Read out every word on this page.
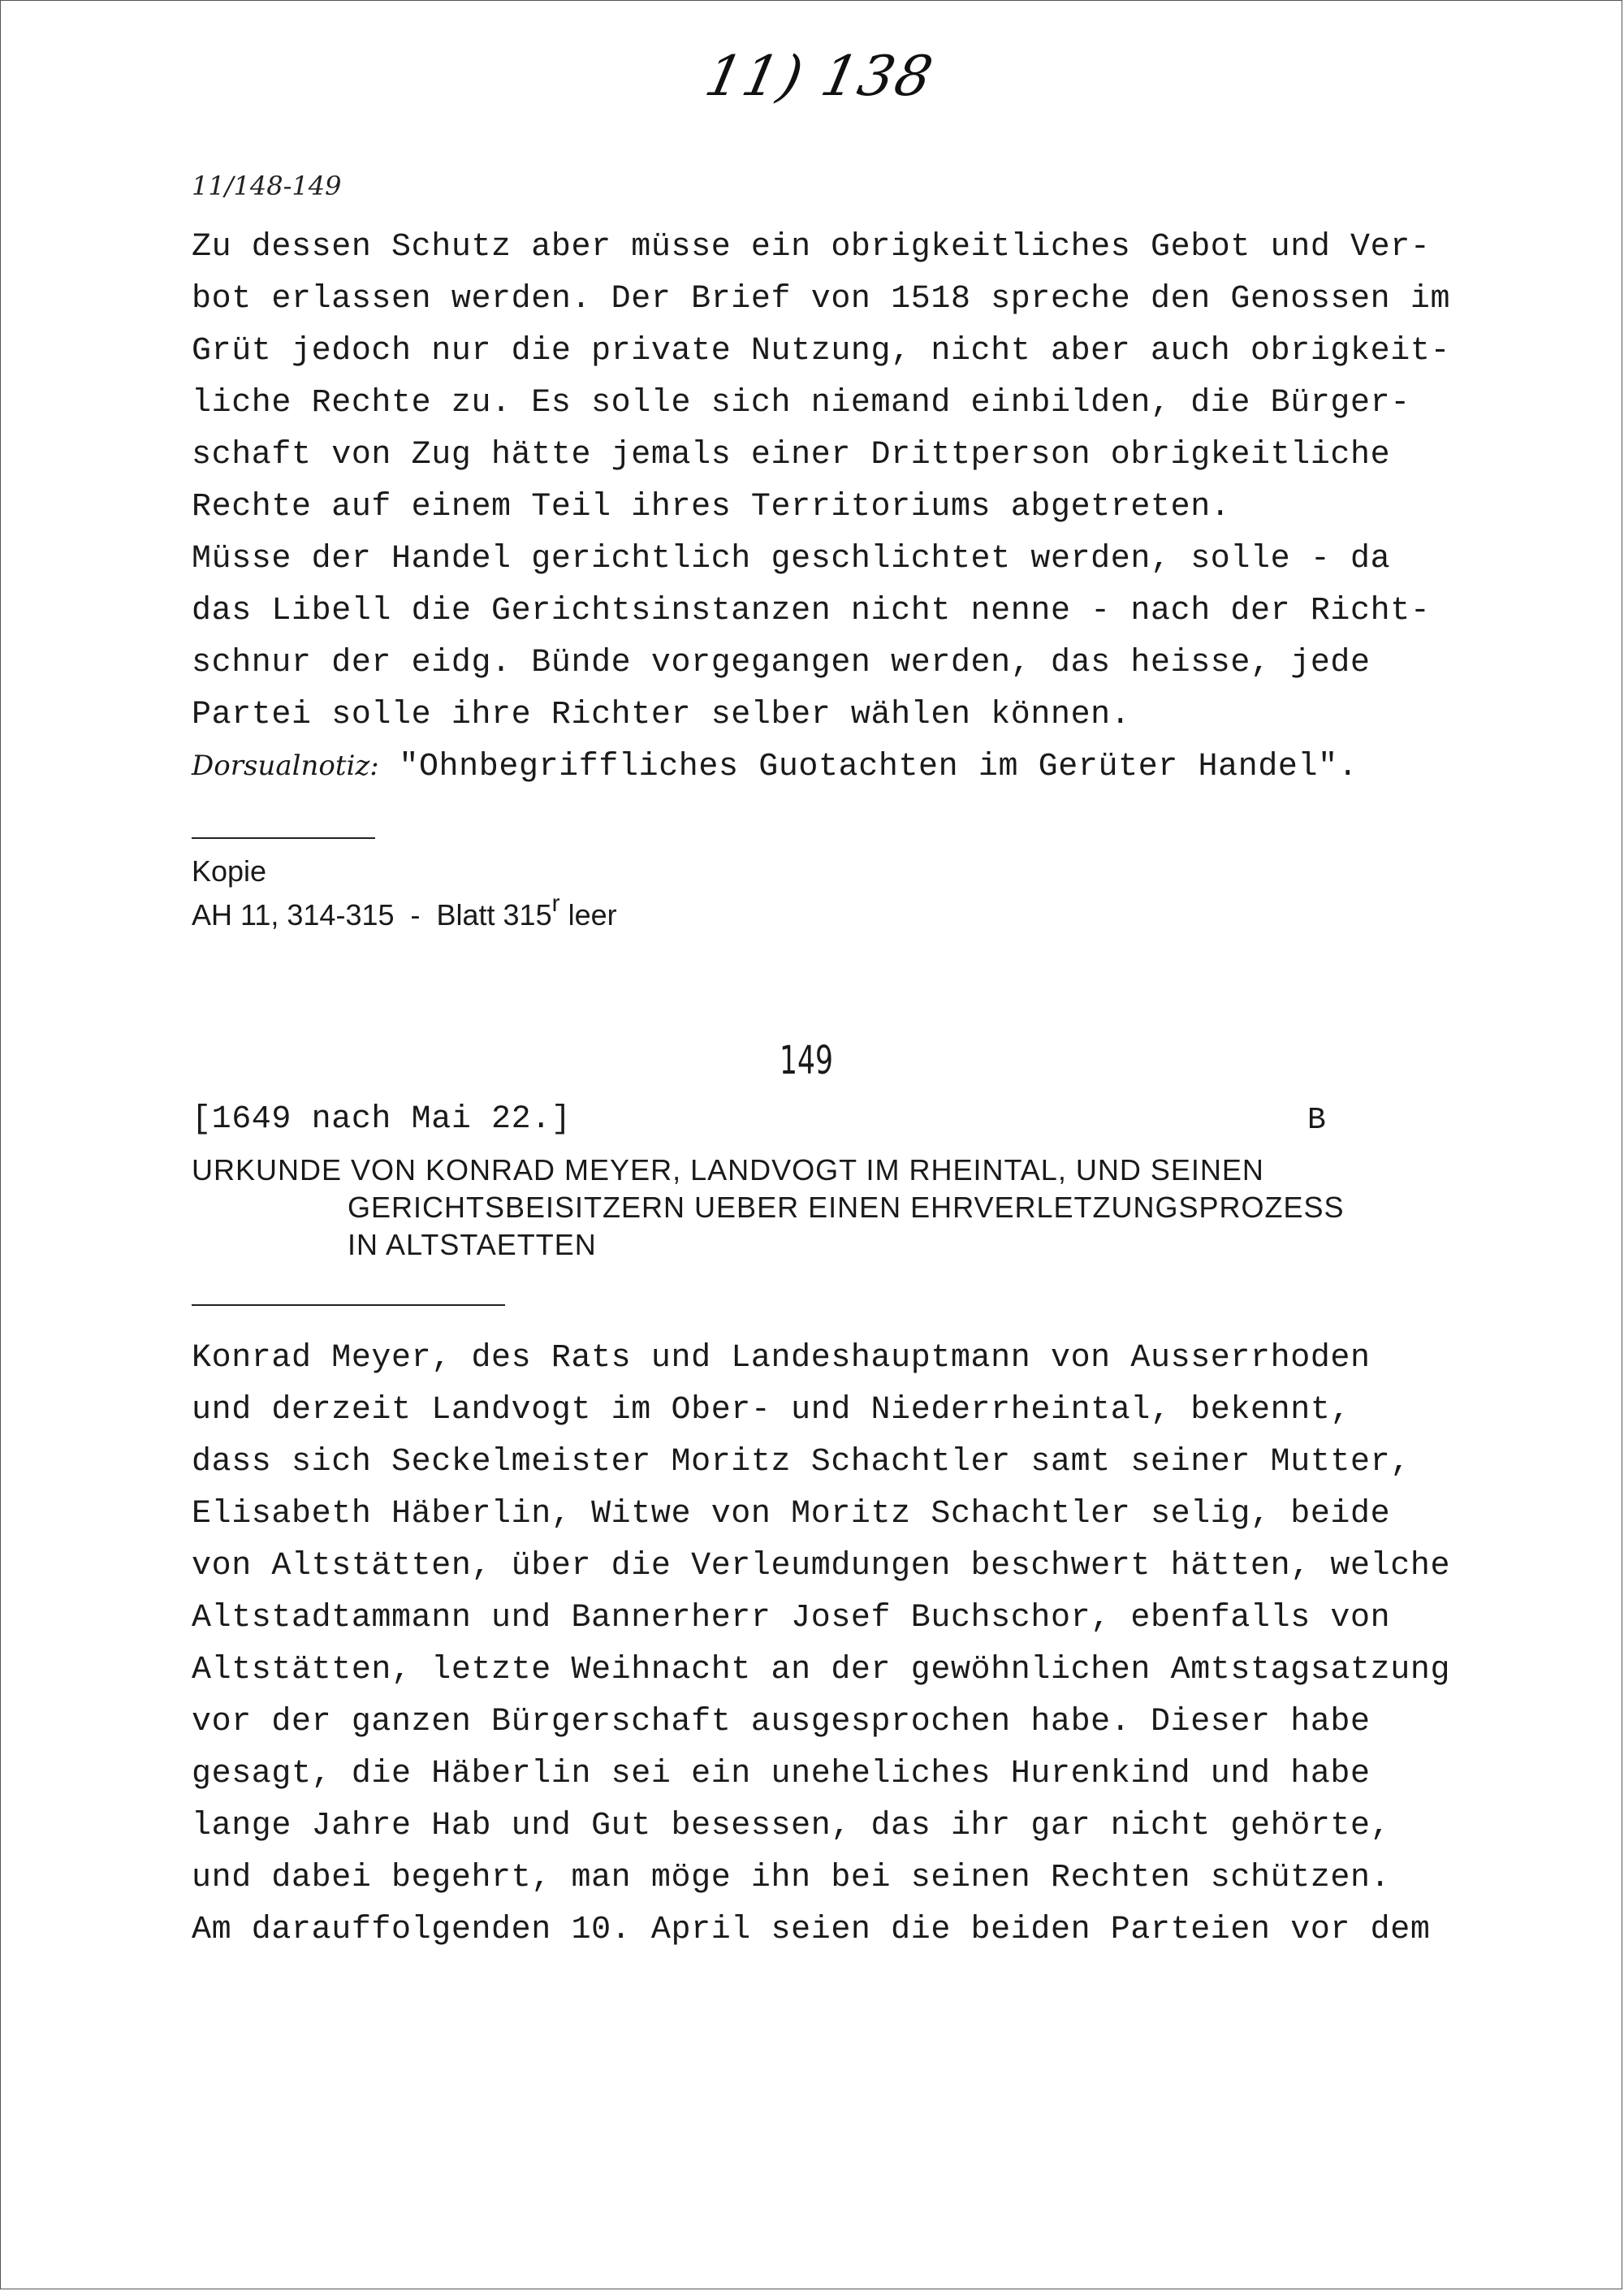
11) 138
11/148-149
Zu dessen Schutz aber müsse ein obrigkeitliches Gebot und Ver-
bot erlassen werden. Der Brief von 1518 spreche den Genossen im
Grüt jedoch nur die private Nutzung, nicht aber auch obrigkeit-
liche Rechte zu. Es solle sich niemand einbilden, die Bürger-
schaft von Zug hätte jemals einer Drittperson obrigkeitliche
Rechte auf einem Teil ihres Territoriums abgetreten.
Müsse der Handel gerichtlich geschlichtet werden, solle - da
das Libell die Gerichtsinstanzen nicht nenne - nach der Richt-
schnur der eidg. Bünde vorgegangen werden, das heisse, jede
Partei solle ihre Richter selber wählen können.
Dorsualnotiz: "Ohnbegriffliches Guotachten im Gerüter Handel".
Kopie
AH 11, 314-315  -  Blatt 315$^r$ leer
149
[1649 nach Mai 22.]	B
URKUNDE VON KONRAD MEYER, LANDVOGT IM RHEINTAL, UND SEINEN
GERICHTSBEISITZERN UEBER EINEN EHRVERLETZUNGSPROZESS
IN ALTSTAETTEN
Konrad Meyer, des Rats und Landeshauptmann von Ausserrhoden
und derzeit Landvogt im Ober- und Niederrheintal, bekennt,
dass sich Seckelmeister Moritz Schachtler samt seiner Mutter,
Elisabeth Häberlin, Witwe von Moritz Schachtler selig, beide
von Altstätten, über die Verleumdungen beschwert hätten, welche
Altstadtammann und Bannerherr Josef Buchschor, ebenfalls von
Altstätten, letzte Weihnacht an der gewöhnlichen Amtstagsatzung
vor der ganzen Bürgerschaft ausgesprochen habe. Dieser habe
gesagt, die Häberlin sei ein uneheliches Hurenkind und habe
lange Jahre Hab und Gut besessen, das ihr gar nicht gehörte,
und dabei begehrt, man möge ihn bei seinen Rechten schützen.
Am darauffolgenden 10. April seien die beiden Parteien vor dem
